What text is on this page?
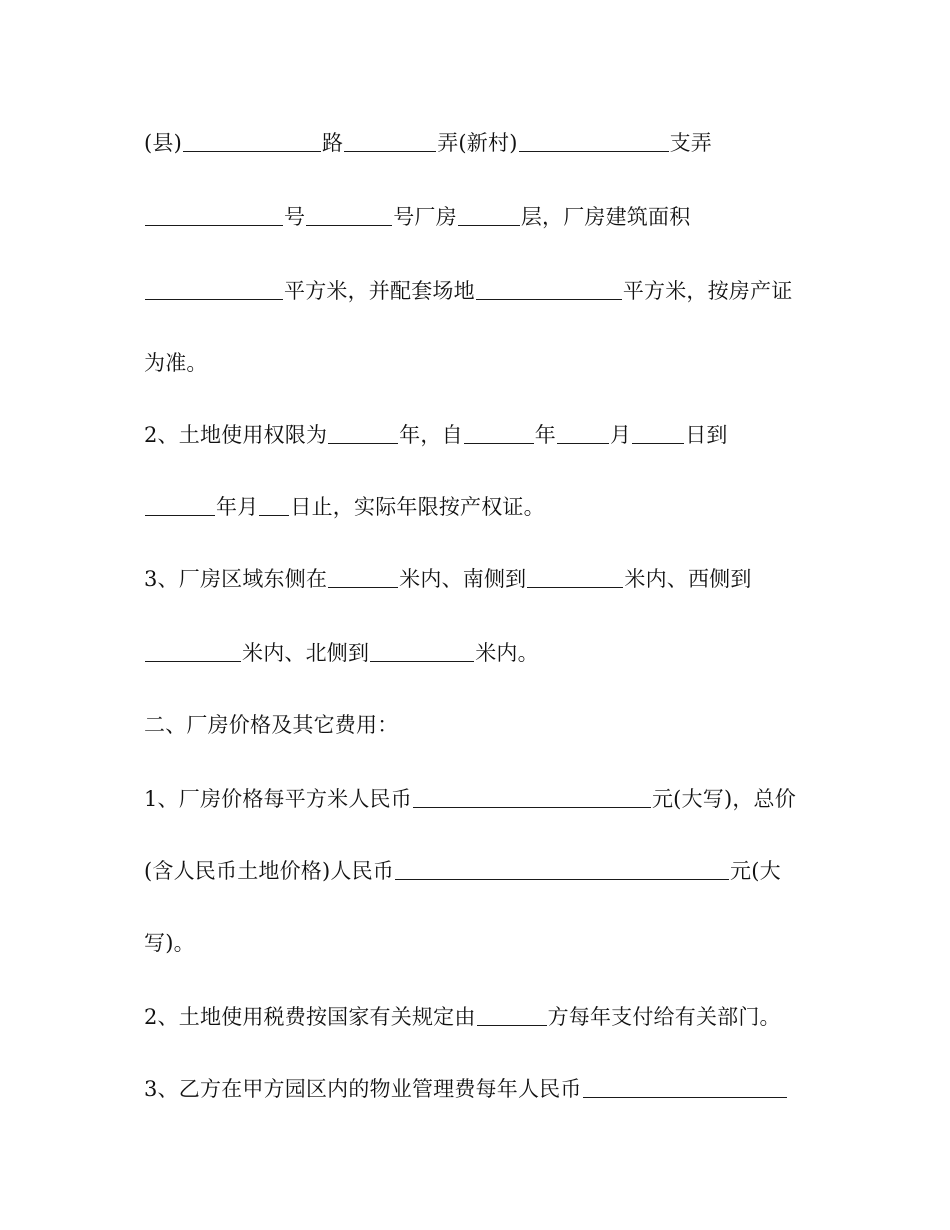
(县)	路	弄(新村)	支弄
号	号厂房	层，厂房建筑面积
平方米，并配套场地	平方米，按房产证
为准。
2、土地使用权限为	年，自	年	月	日到
年月 日止，实际年限按产权证。
3、厂房区域东侧在	米内、南侧到	米内、西侧到
米内、北侧到	米内。
二、厂房价格及其它费用：
1、厂房价格每平方米人民币	元(大写)，总价
(含人民币土地价格)人民币	元(大
写)。
2、土地使用税费按国家有关规定由	方每年支付给有关部门。
3、乙方在甲方园区内的物业管理费每年人民币
